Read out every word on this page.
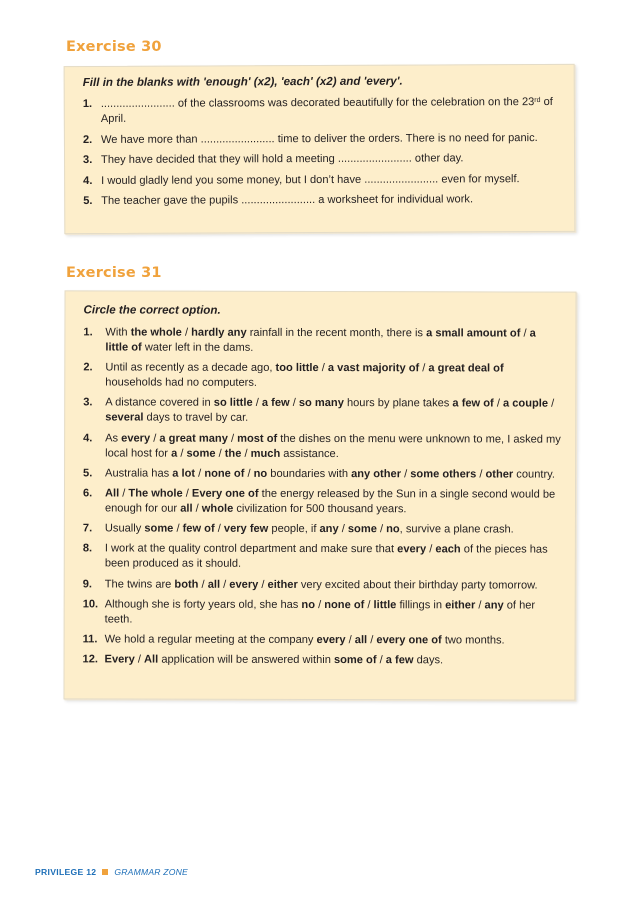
Exercise 30
Fill in the blanks with 'enough' (x2), 'each' (x2) and 'every'.
1. ........................ of the classrooms was decorated beautifully for the celebration on the 23rd of April.
2. We have more than ........................ time to deliver the orders. There is no need for panic.
3. They have decided that they will hold a meeting ........................ other day.
4. I would gladly lend you some money, but I don’t have ........................ even for myself.
5. The teacher gave the pupils ........................ a worksheet for individual work.
Exercise 31
Circle the correct option.
1. With the whole / hardly any rainfall in the recent month, there is a small amount of / a little of water left in the dams.
2. Until as recently as a decade ago, too little / a vast majority of / a great deal of households had no computers.
3. A distance covered in so little / a few / so many hours by plane takes a few of / a couple / several days to travel by car.
4. As every / a great many / most of the dishes on the menu were unknown to me, I asked my local host for a / some / the / much assistance.
5. Australia has a lot / none of / no boundaries with any other / some others / other country.
6. All / The whole / Every one of the energy released by the Sun in a single second would be enough for our all / whole civilization for 500 thousand years.
7. Usually some / few of / very few people, if any / some / no, survive a plane crash.
8. I work at the quality control department and make sure that every / each of the pieces has been produced as it should.
9. The twins are both / all / every / either very excited about their birthday party tomorrow.
10. Although she is forty years old, she has no / none of / little fillings in either / any of her teeth.
11. We hold a regular meeting at the company every / all / every one of two months.
12. Every / All application will be answered within some of / a few days.
PRIVILEGE 12 GRAMMAR ZONE
